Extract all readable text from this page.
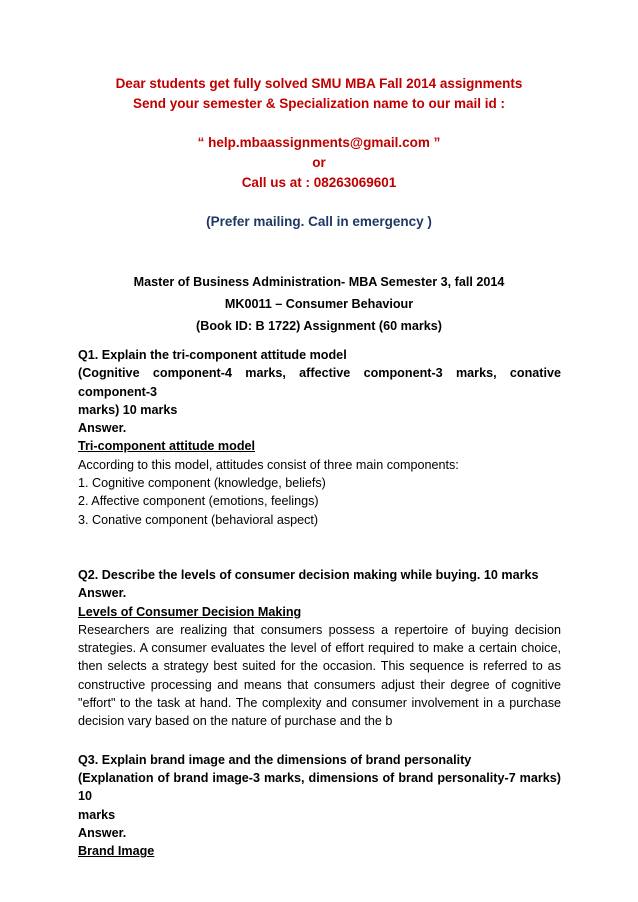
Dear students get fully solved SMU MBA Fall 2014 assignments
Send your semester & Specialization name to our mail id :
“ help.mbaassignments@gmail.com ”
or
Call us at : 08263069601
(Prefer mailing. Call in emergency )
Master of Business Administration- MBA Semester 3, fall 2014
MK0011 – Consumer Behaviour
(Book ID: B 1722) Assignment (60 marks)
Q1. Explain the tri-component attitude model
(Cognitive component-4 marks, affective component-3 marks, conative component-3
marks) 10 marks
Answer.
Tri-component attitude model
According to this model, attitudes consist of three main components:
1. Cognitive component (knowledge, beliefs)
2. Affective component (emotions, feelings)
3. Conative component (behavioral aspect)
Q2. Describe the levels of consumer decision making while buying. 10 marks
Answer.
Levels of Consumer Decision Making
Researchers are realizing that consumers possess a repertoire of buying decision strategies. A consumer evaluates the level of effort required to make a certain choice, then selects a strategy best suited for the occasion. This sequence is referred to as constructive processing and means that consumers adjust their degree of cognitive "effort" to the task at hand. The complexity and consumer involvement in a purchase decision vary based on the nature of purchase and the b
Q3. Explain brand image and the dimensions of brand personality
(Explanation of brand image-3 marks, dimensions of brand personality-7 marks) 10
marks
Answer.
Brand Image
